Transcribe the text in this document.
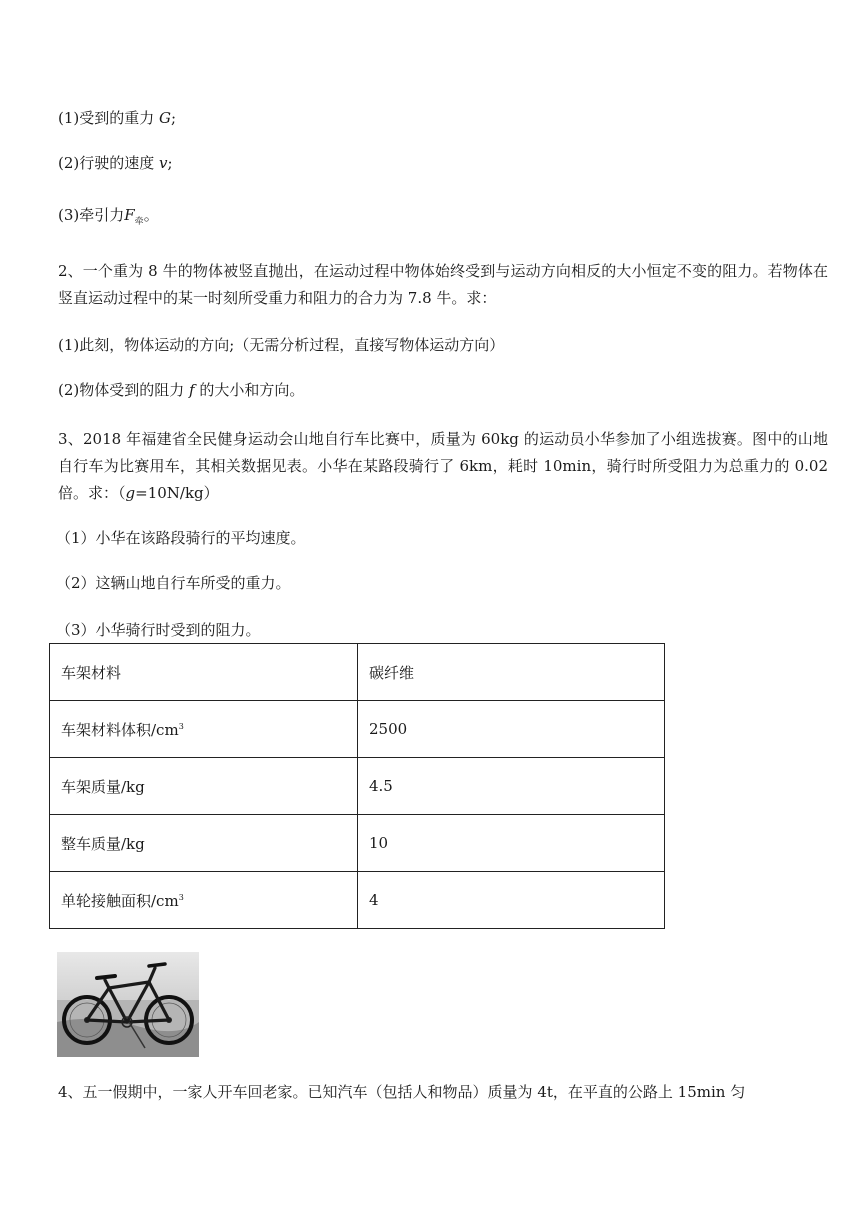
(1)受到的重力 G;
(2)行驶的速度 v;
(3)牵引力$F_牵$。
2、一个重为 8 牛的物体被竖直抛出，在运动过程中物体始终受到与运动方向相反的大小恒定不变的阻力。若物体在竖直运动过程中的某一时刻所受重力和阻力的合力为 7.8 牛。求：
(1)此刻，物体运动的方向;（无需分析过程，直接写物体运动方向）
(2)物体受到的阻力 f 的大小和方向。
3、2018 年福建省全民健身运动会山地自行车比赛中，质量为 60kg 的运动员小华参加了小组选拔赛。图中的山地自行车为比赛用车，其相关数据见表。小华在某路段骑行了 6km，耗时 10min，骑行时所受阻力为总重力的 0.02 倍。求：（g=10N/kg）
（1）小华在该路段骑行的平均速度。
（2）这辆山地自行车所受的重力。
（3）小华骑行时受到的阻力。
车架材料	碳纤维
车架材料体积$/cm^3$	2500
车架质量/kg	4.5
整车质量/kg	10
单轮接触面积$/cm^3$	4
4、五一假期中，一家人开车回老家。已知汽车（包括人和物品）质量为 4t，在平直的公路上 15min 匀
